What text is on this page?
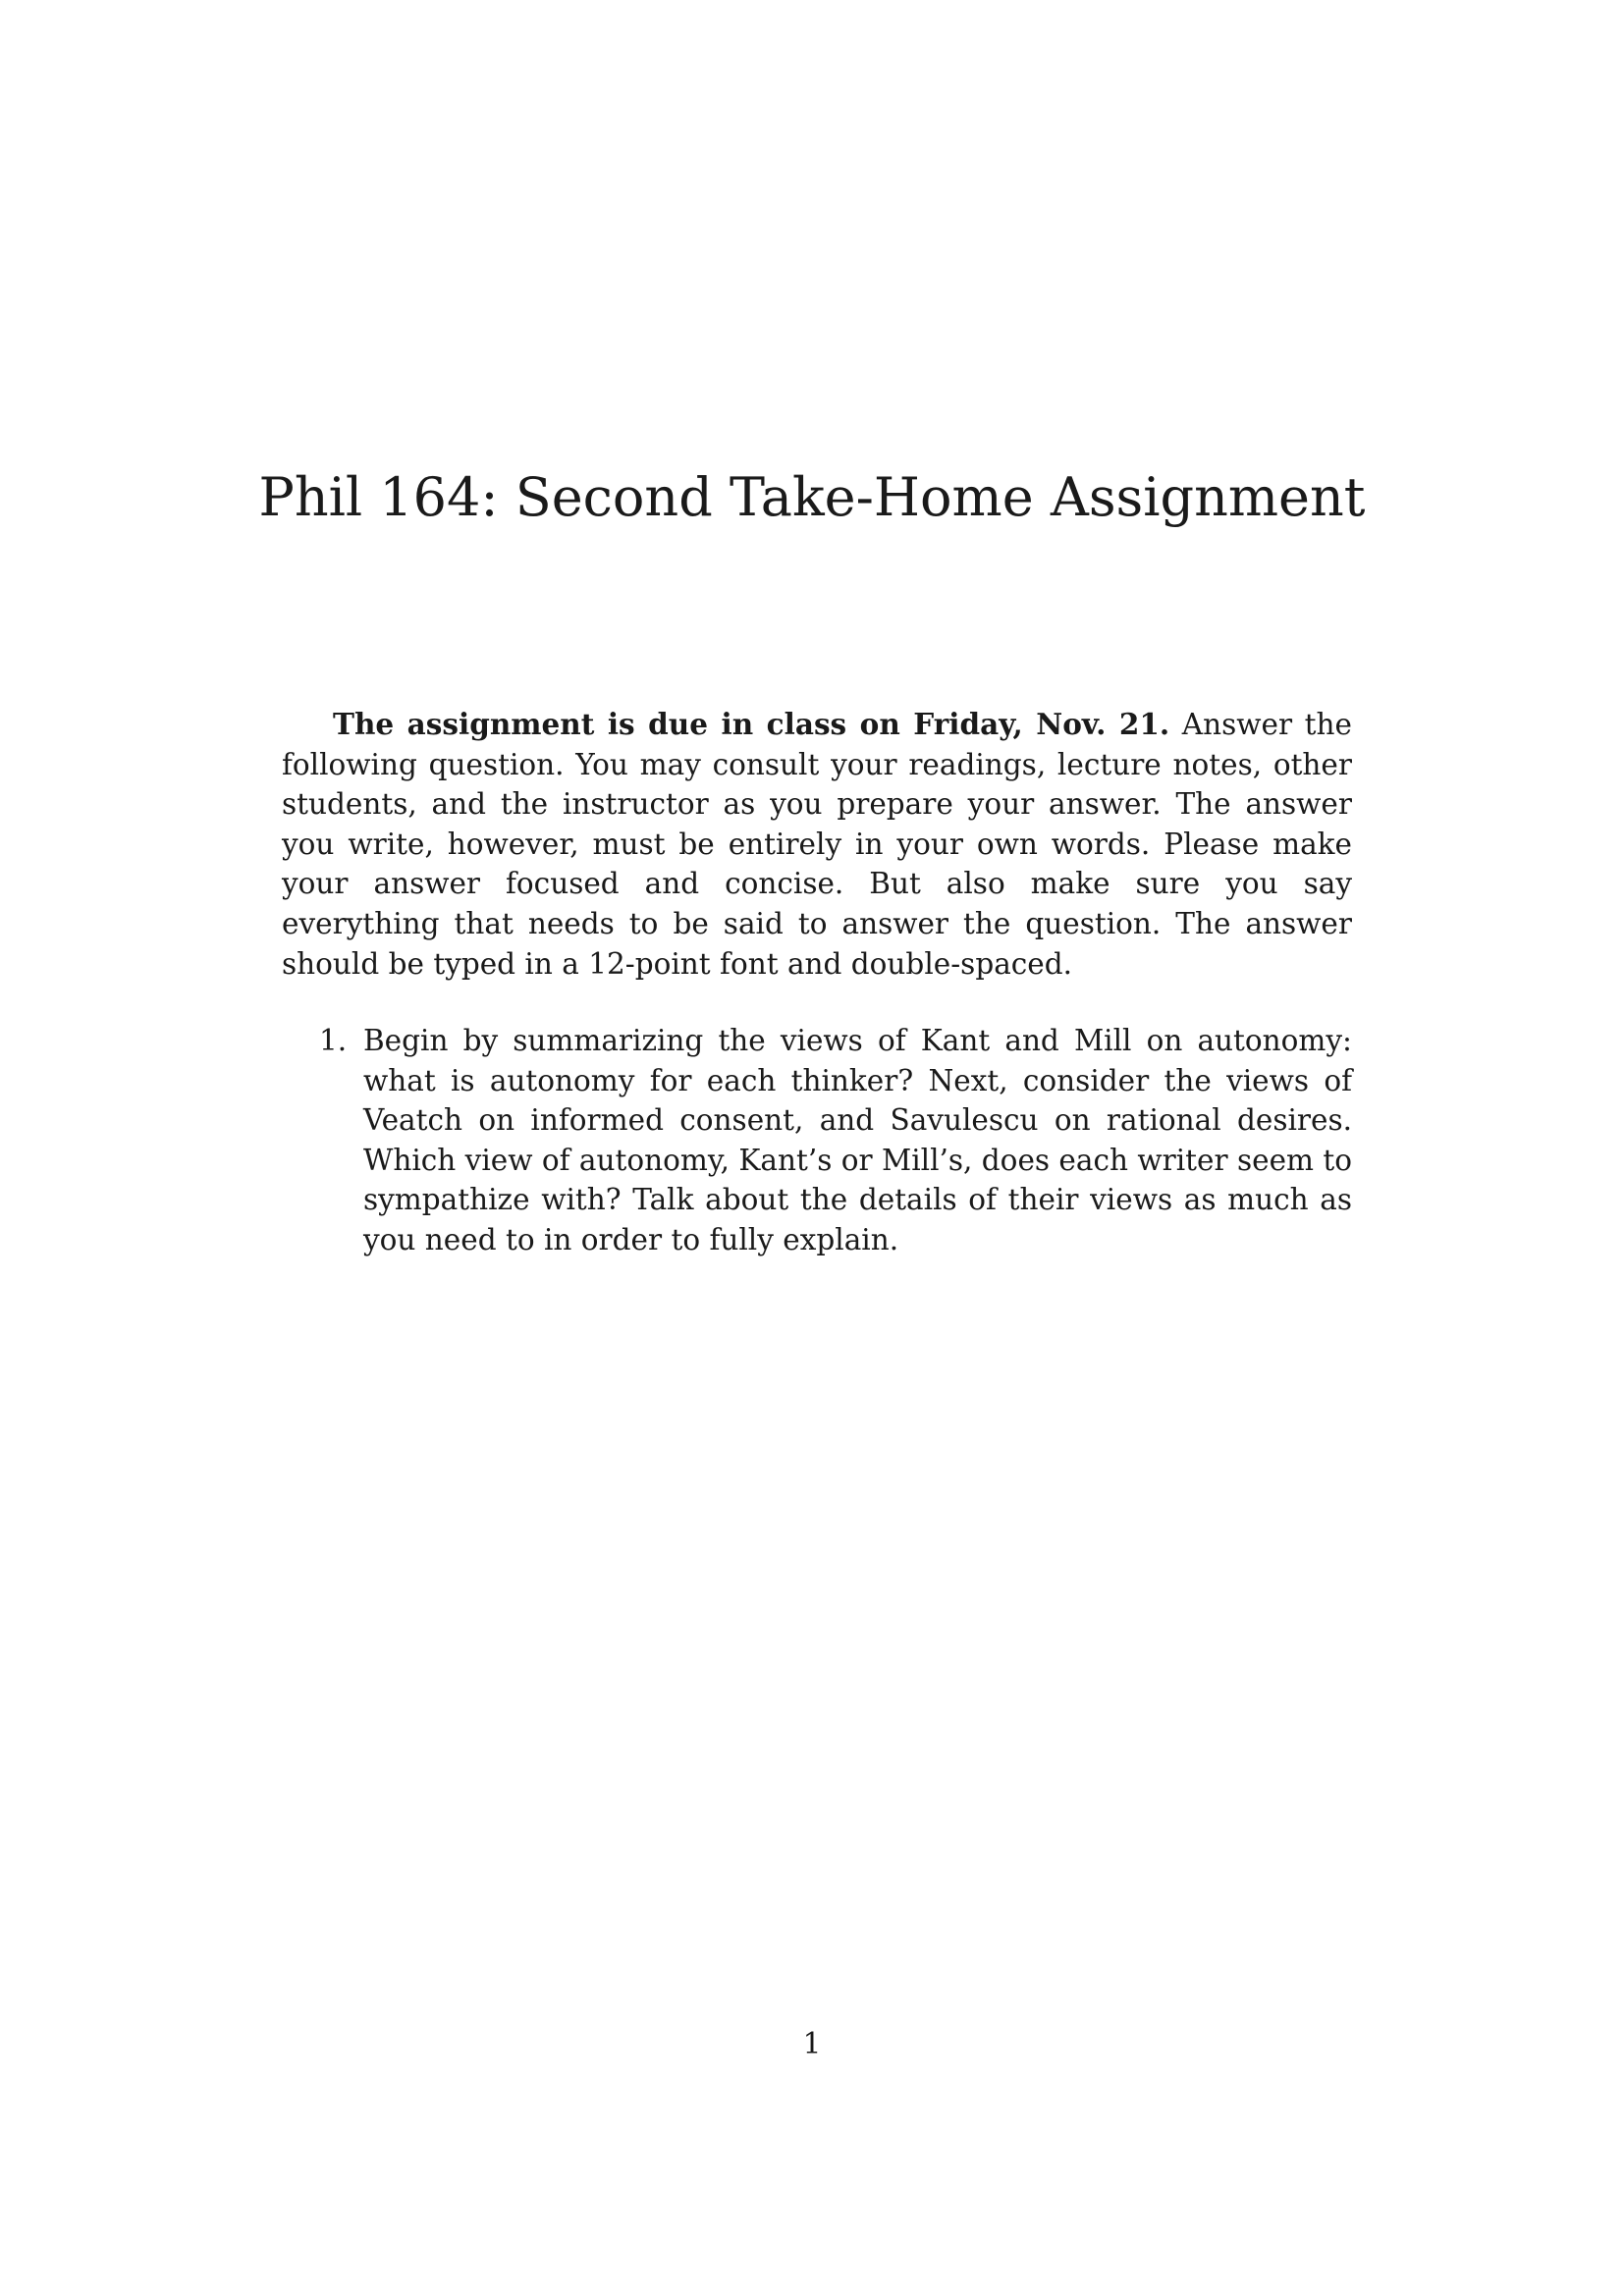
Phil 164: Second Take-Home Assignment

The assignment is due in class on Friday, Nov. 21. Answer the following question. You may consult your readings, lecture notes, other students, and the instructor as you prepare your answer. The answer you write, however, must be entirely in your own words. Please make your answer focused and concise. But also make sure you say everything that needs to be said to answer the question. The answer should be typed in a 12-point font and double-spaced.

1. Begin by summarizing the views of Kant and Mill on autonomy: what is autonomy for each thinker? Next, consider the views of Veatch on informed consent, and Savulescu on rational desires. Which view of autonomy, Kant’s or Mill’s, does each writer seem to sympathize with? Talk about the details of their views as much as you need to in order to fully explain.
1
